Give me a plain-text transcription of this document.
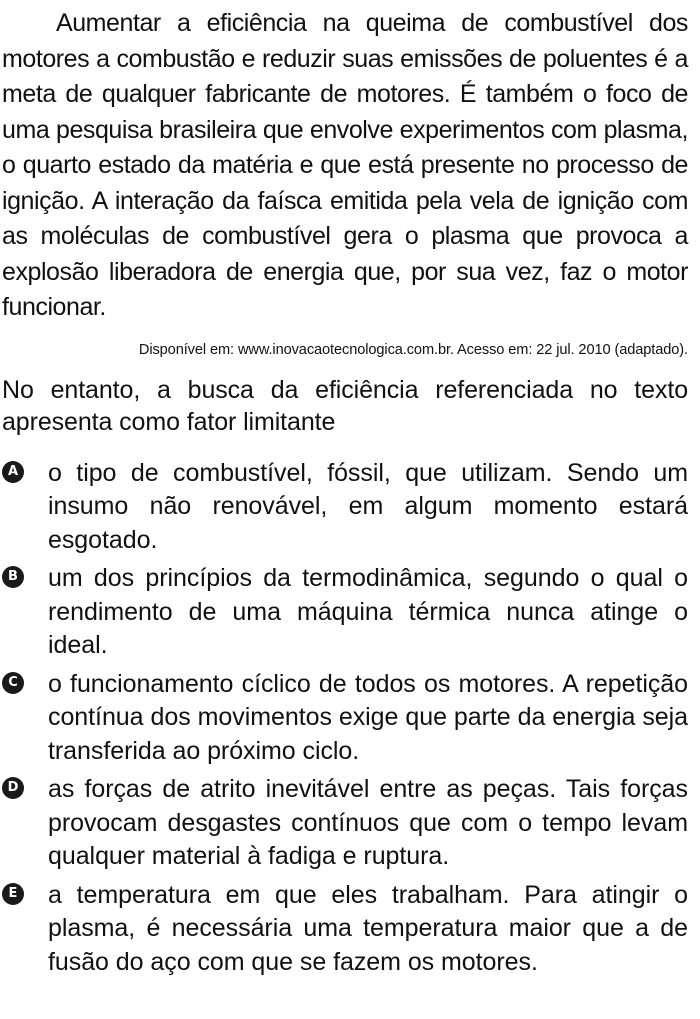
Aumentar a eficiência na queima de combustível dos motores a combustão e reduzir suas emissões de poluentes é a meta de qualquer fabricante de motores. É também o foco de uma pesquisa brasileira que envolve experimentos com plasma, o quarto estado da matéria e que está presente no processo de ignição. A interação da faísca emitida pela vela de ignição com as moléculas de combustível gera o plasma que provoca a explosão liberadora de energia que, por sua vez, faz o motor funcionar.

Disponível em: www.inovacaotecnologica.com.br. Acesso em: 22 jul. 2010 (adaptado).

No entanto, a busca da eficiência referenciada no texto apresenta como fator limitante

A o tipo de combustível, fóssil, que utilizam. Sendo um insumo não renovável, em algum momento estará esgotado.
B um dos princípios da termodinâmica, segundo o qual o rendimento de uma máquina térmica nunca atinge o ideal.
C o funcionamento cíclico de todos os motores. A repetição contínua dos movimentos exige que parte da energia seja transferida ao próximo ciclo.
D as forças de atrito inevitável entre as peças. Tais forças provocam desgastes contínuos que com o tempo levam qualquer material à fadiga e ruptura.
E a temperatura em que eles trabalham. Para atingir o plasma, é necessária uma temperatura maior que a de fusão do aço com que se fazem os motores.
